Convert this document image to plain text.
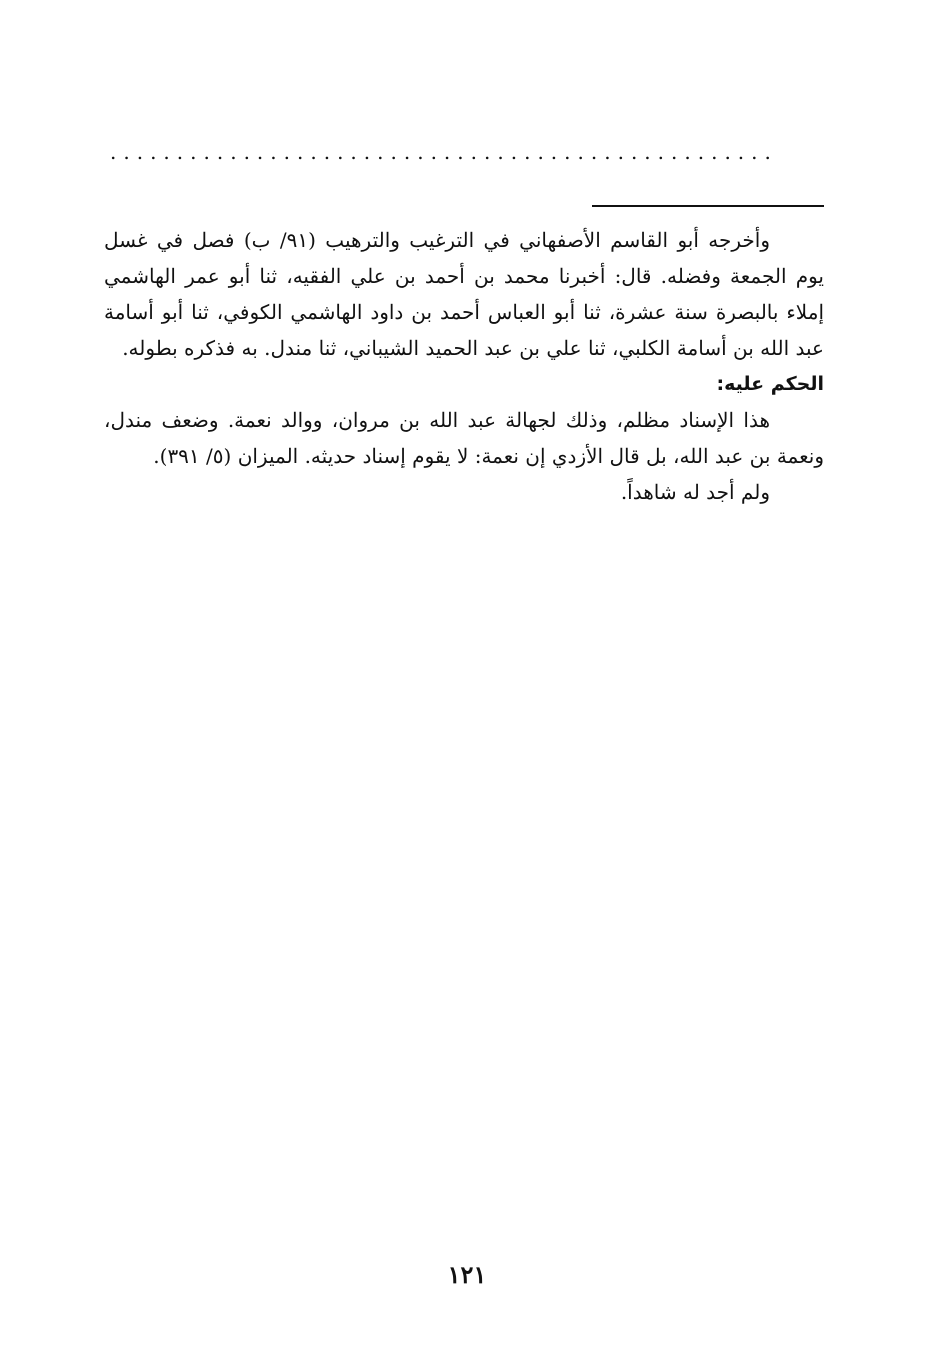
..................................................

وأخرجه أبو القاسم الأصفهاني في الترغيب والترهيب (٩١/ ب) فصل في غسل يوم الجمعة وفضله. قال: أخبرنا محمد بن أحمد بن علي الفقيه، ثنا أبو عمر الهاشمي إملاء بالبصرة سنة عشرة، ثنا أبو العباس أحمد بن داود الهاشمي الكوفي، ثنا أبو أسامة عبد الله بن أسامة الكلبي، ثنا علي بن عبد الحميد الشيباني، ثنا مندل. به فذكره بطوله.

الحكم عليه:

هذا الإسناد مظلم، وذلك لجهالة عبد الله بن مروان، ووالد نعمة. وضعف مندل، ونعمة بن عبد الله، بل قال الأزدي إن نعمة: لا يقوم إسناد حديثه. الميزان (٥/ ٣٩١).

ولم أجد له شاهداً.

١٢١
